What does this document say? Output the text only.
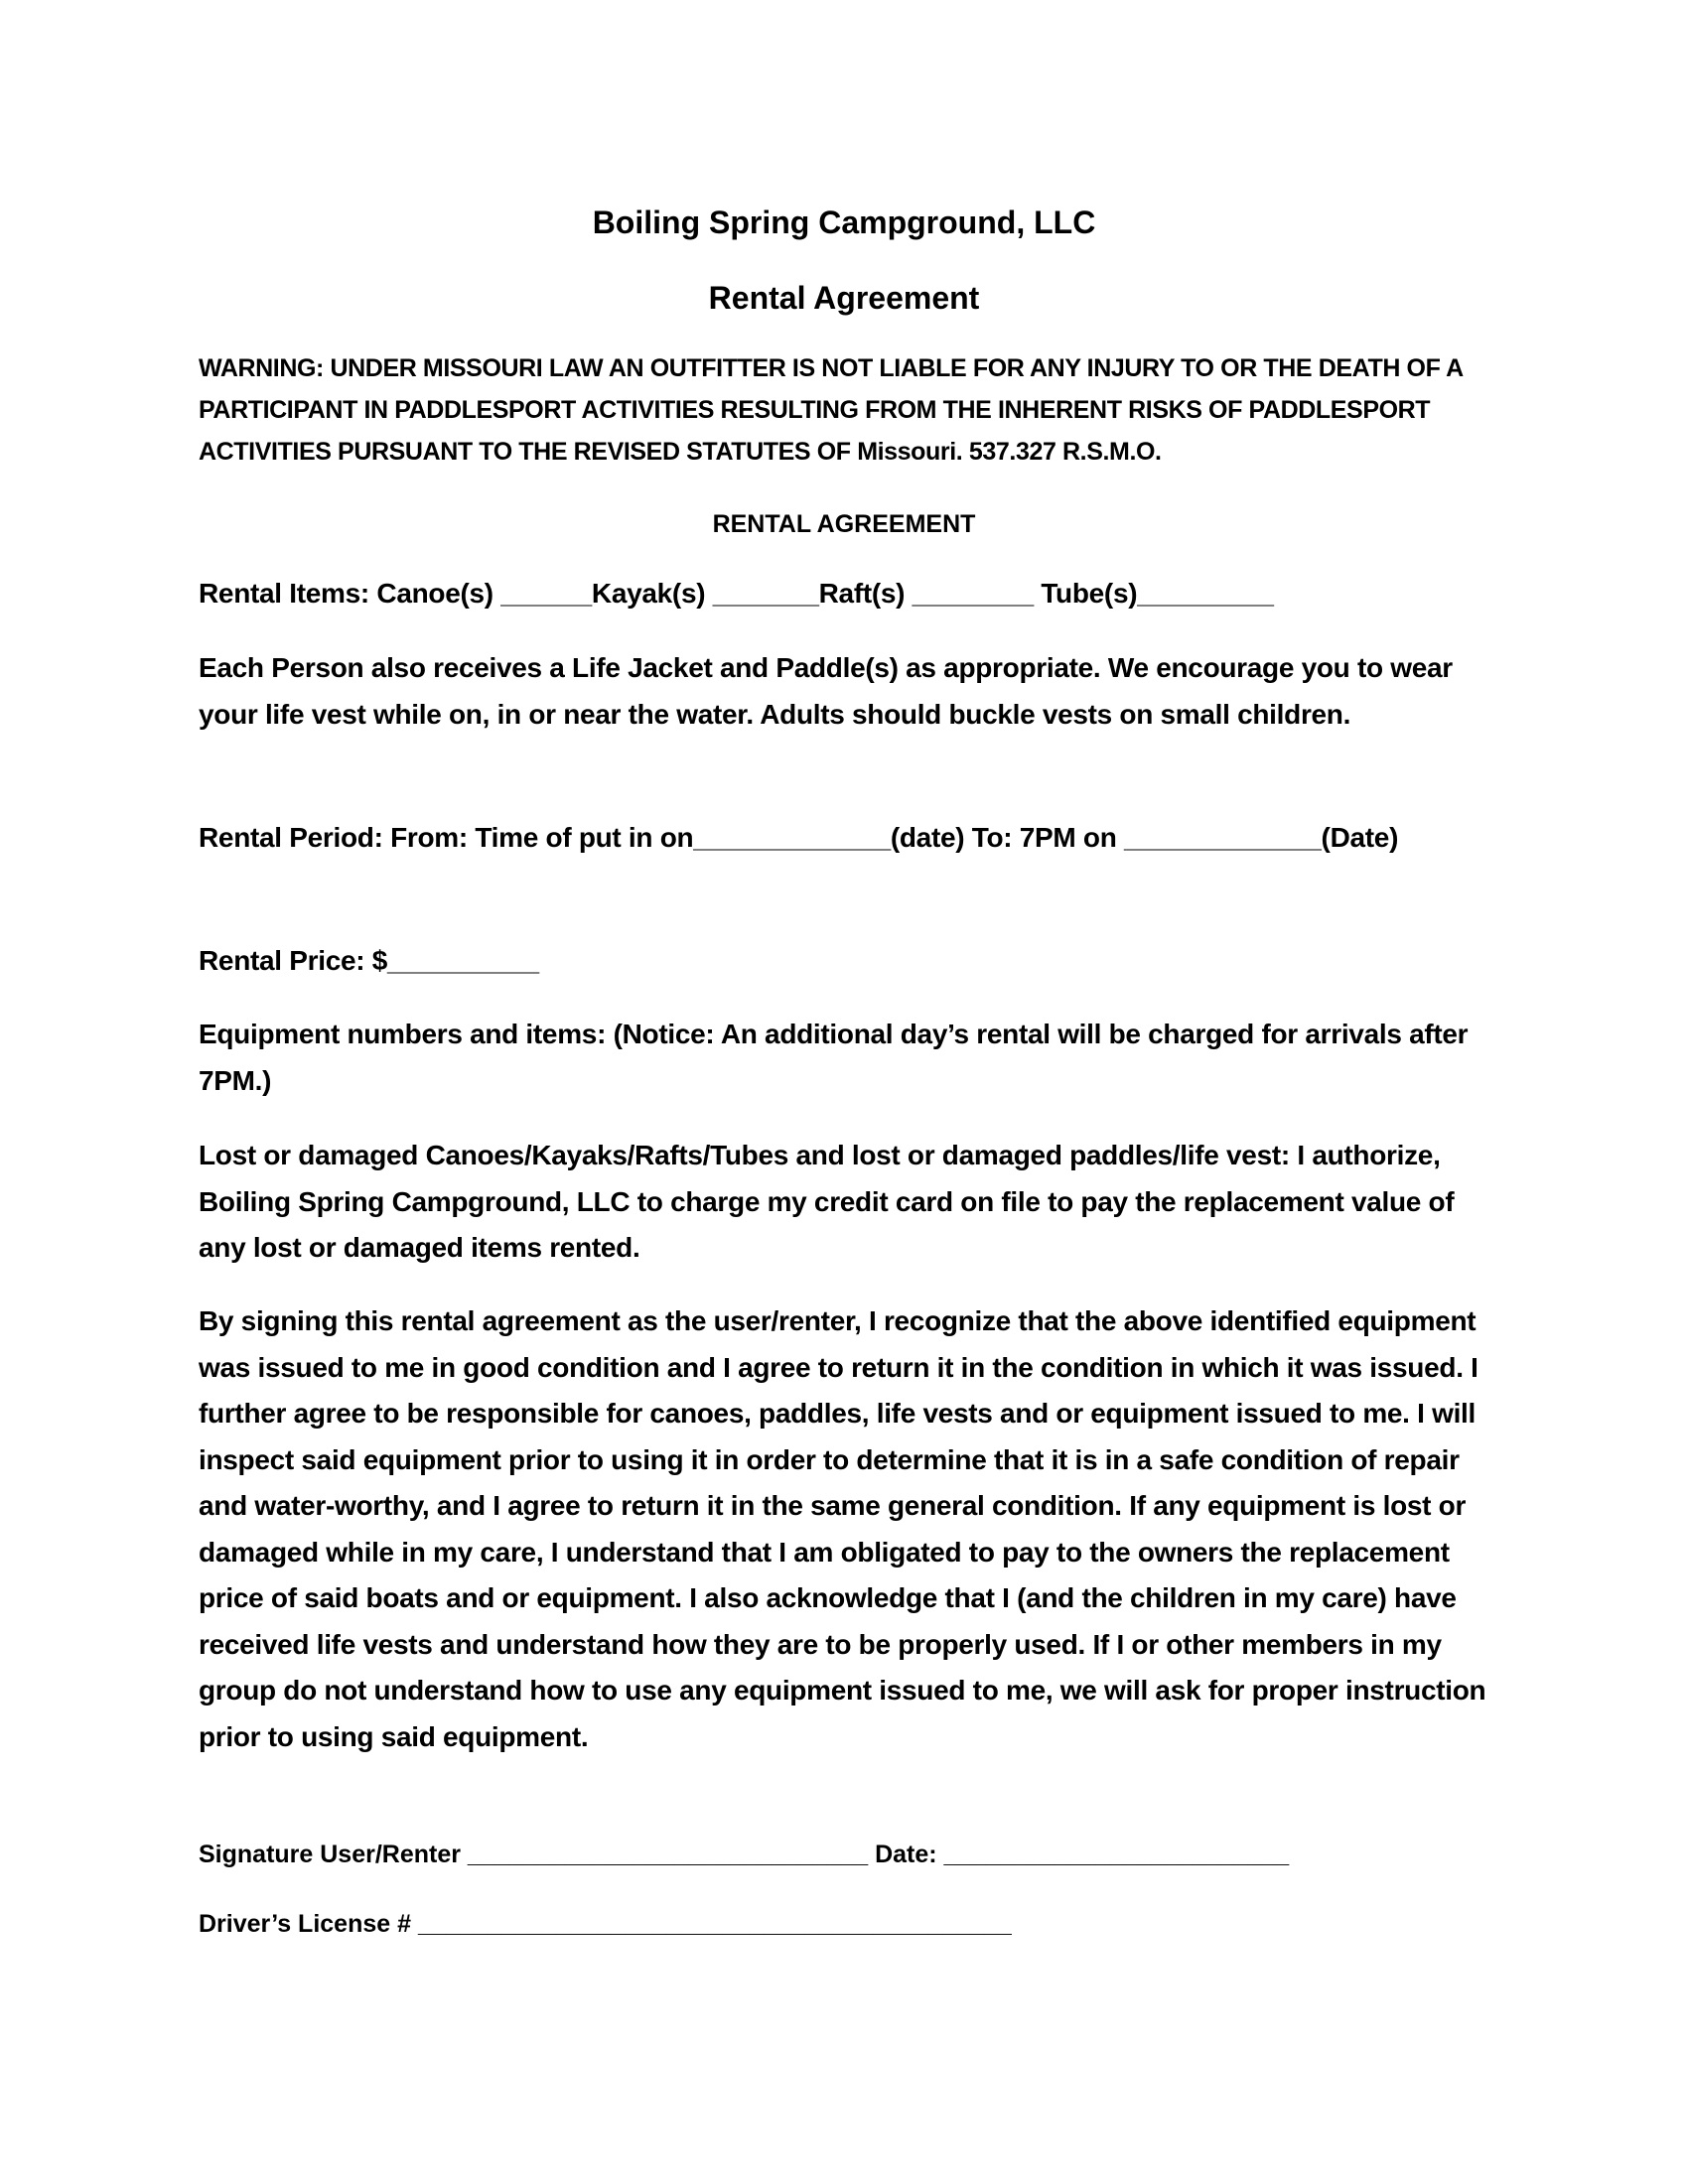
Boiling Spring Campground, LLC
Rental Agreement
WARNING: UNDER MISSOURI LAW AN OUTFITTER IS NOT LIABLE FOR ANY INJURY TO OR THE DEATH OF A PARTICIPANT IN PADDLESPORT ACTIVITIES RESULTING FROM THE INHERENT RISKS OF PADDLESPORT ACTIVITIES PURSUANT TO THE REVISED STATUTES OF Missouri. 537.327 R.S.M.O.
RENTAL AGREEMENT
Rental Items: Canoe(s) ______Kayak(s) _______Raft(s) ________ Tube(s)_________
Each Person also receives a Life Jacket and Paddle(s) as appropriate. We encourage you to wear your life vest while on, in or near the water. Adults should buckle vests on small children.
Rental Period: From: Time of put in on_____________(date) To: 7PM on _____________(Date)
Rental Price: $__________
Equipment numbers and items: (Notice: An additional day’s rental will be charged for arrivals after 7PM.)
Lost or damaged Canoes/Kayaks/Rafts/Tubes and lost or damaged paddles/life vest: I authorize, Boiling Spring Campground, LLC to charge my credit card on file to pay the replacement value of any lost or damaged items rented.
By signing this rental agreement as the user/renter, I recognize that the above identified equipment was issued to me in good condition and I agree to return it in the condition in which it was issued. I further agree to be responsible for canoes, paddles, life vests and or equipment issued to me. I will inspect said equipment prior to using it in order to determine that it is in a safe condition of repair and water-worthy, and I agree to return it in the same general condition. If any equipment is lost or damaged while in my care, I understand that I am obligated to pay to the owners the replacement price of said boats and or equipment. I also acknowledge that I (and the children in my care) have received life vests and understand how they are to be properly used. If I or other members in my group do not understand how to use any equipment issued to me, we will ask for proper instruction prior to using said equipment.
Signature User/Renter _____________________________ Date: _________________________
Driver’s License # ___________________________________________
